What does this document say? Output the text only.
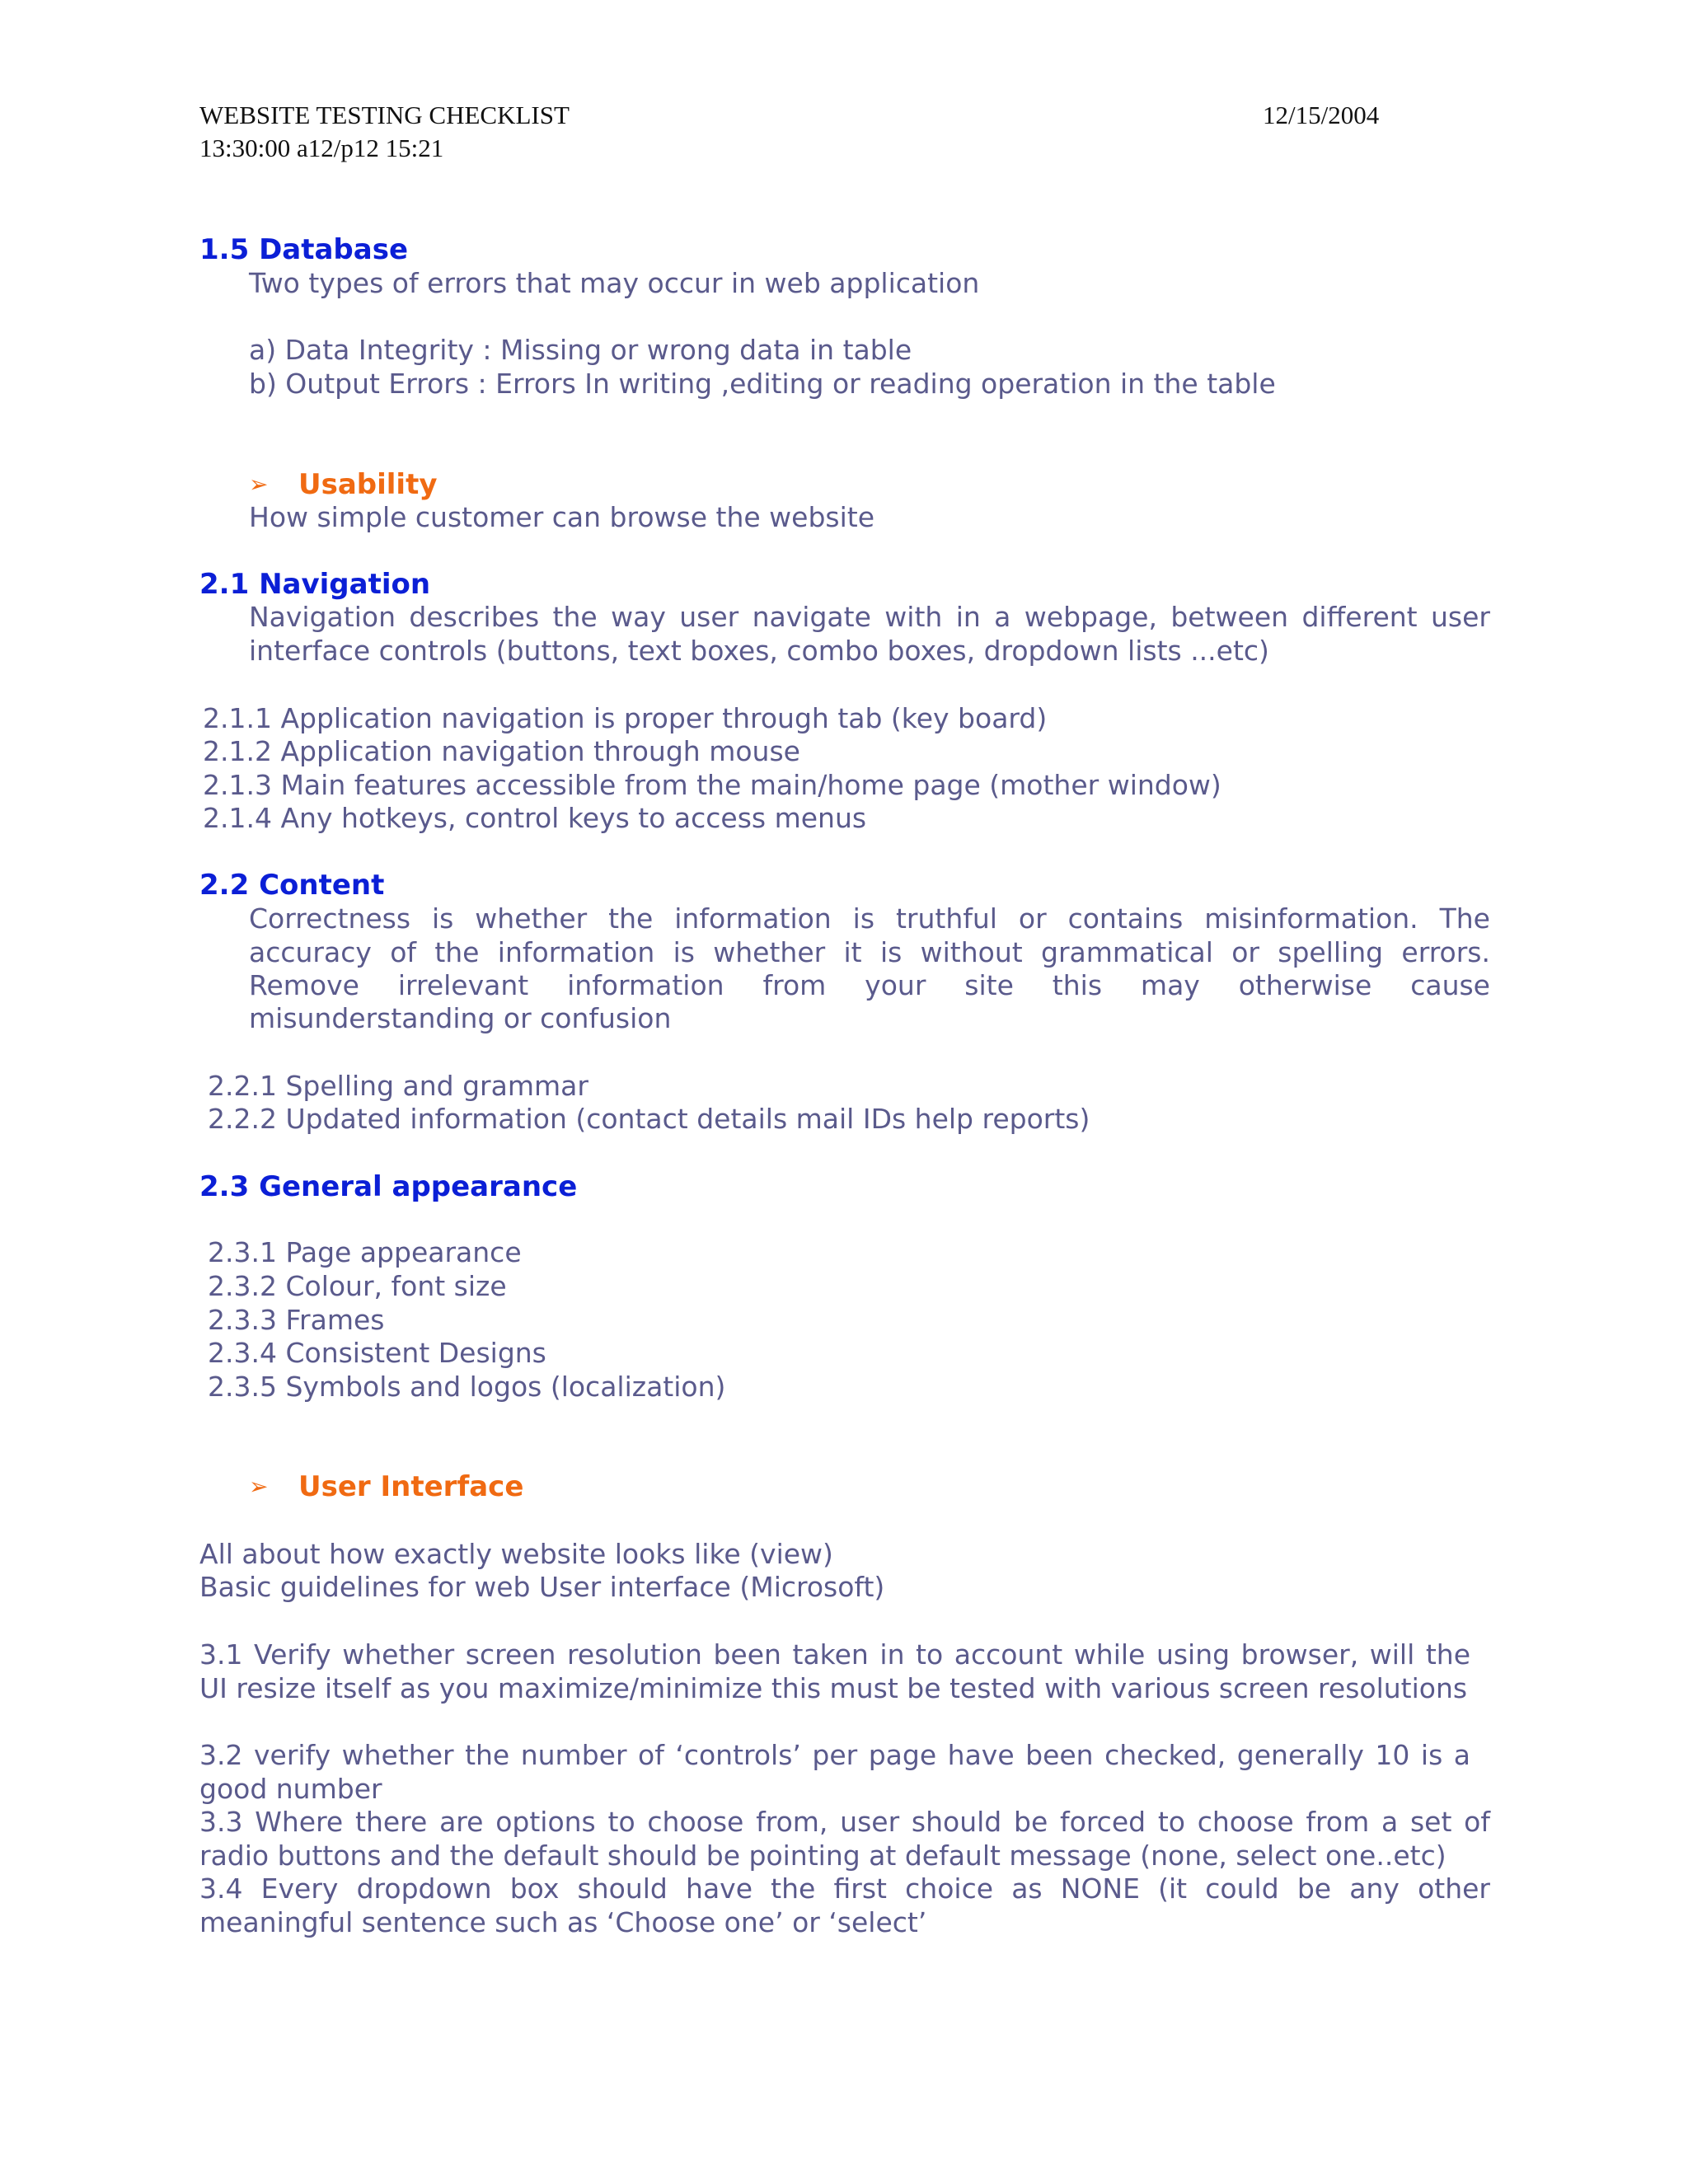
WEBSITE TESTING CHECKLIST	12/15/2004
13:30:00 a12/p12 15:21
1.5 Database
Two types of errors that may occur in web application
a) Data Integrity : Missing or wrong data in table
b) Output Errors : Errors In writing ,editing or reading operation in the table
➢ Usability
How simple customer can browse the website
2.1 Navigation
Navigation describes the way user navigate with in a webpage, between different user interface controls (buttons, text boxes, combo boxes, dropdown lists ...etc)
2.1.1 Application navigation is proper through tab (key board)
2.1.2 Application navigation through mouse
2.1.3 Main features accessible from the main/home page (mother window)
2.1.4 Any hotkeys, control keys to access menus
2.2 Content
Correctness is whether the information is truthful or contains misinformation. The accuracy of the information is whether it is without grammatical or spelling errors. Remove irrelevant information from your site this may otherwise cause
misunderstanding or confusion
2.2.1 Spelling and grammar
2.2.2 Updated information (contact details mail IDs help reports)
2.3 General appearance
2.3.1 Page appearance
2.3.2 Colour, font size
2.3.3 Frames
2.3.4 Consistent Designs
2.3.5 Symbols and logos (localization)
➢ User Interface
All about how exactly website looks like (view)
Basic guidelines for web User interface (Microsoft)
3.1 Verify whether screen resolution been taken in to account while using browser, will the UI resize itself as you maximize/minimize this must be tested with various screen resolutions
3.2 verify whether the number of ‘controls’ per page have been checked, generally 10 is a good number
3.3 Where there are options to choose from, user should be forced to choose from a set of radio buttons and the default should be pointing at default message (none, select one..etc)
3.4 Every dropdown box should have the first choice as NONE (it could be any other meaningful sentence such as ‘Choose one’ or ‘select’
